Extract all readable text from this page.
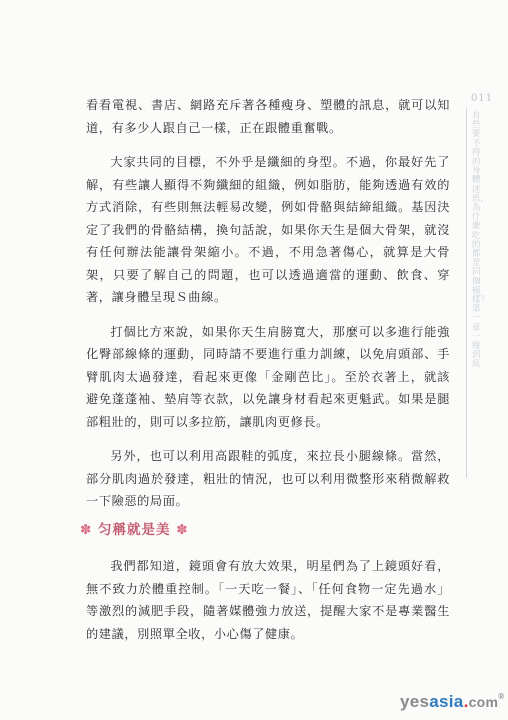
011
有些要不得的身體迷思，為什麼吃的都是同個模樣？ 第一章 一瘦到底

看看電視、書店、網路充斥著各種瘦身、塑體的訊息，就可以知道，有多少人跟自己一樣，正在跟體重奮戰。

大家共同的目標，不外乎是纖細的身型。不過，你最好先了解，有些讓人顯得不夠纖細的組織，例如脂肪，能夠透過有效的方式消除，有些則無法輕易改變，例如骨骼與結締組織。基因決定了我們的骨骼結構，換句話說，如果你天生是個大骨架，就沒有任何辦法能讓骨架縮小。不過，不用急著傷心，就算是大骨架，只要了解自己的問題，也可以透過適當的運動、飲食、穿著，讓身體呈現Ｓ曲線。

打個比方來說，如果你天生肩膀寬大，那麼可以多進行能強化臀部線條的運動，同時請不要進行重力訓練，以免肩頭部、手臂肌肉太過發達，看起來更像「金剛芭比」。至於衣著上，就該避免蓬蓬袖、墊肩等衣款，以免讓身材看起來更魁武。如果是腿部粗壯的，則可以多拉筋，讓肌肉更修長。

另外，也可以利用高跟鞋的弧度，來拉長小腿線條。當然，部分肌肉過於發達，粗壯的情況，也可以利用微整形來稍微解救一下險惡的局面。

✽ 匀稱就是美 ✽

我們都知道，鏡頭會有放大效果，明星們為了上鏡頭好看，無不致力於體重控制。「一天吃一餐」、「任何食物一定先過水」等激烈的減肥手段，隨著媒體強力放送，提醒大家不是專業醫生的建議，別照單全收，小心傷了健康。

yesasia.com®
